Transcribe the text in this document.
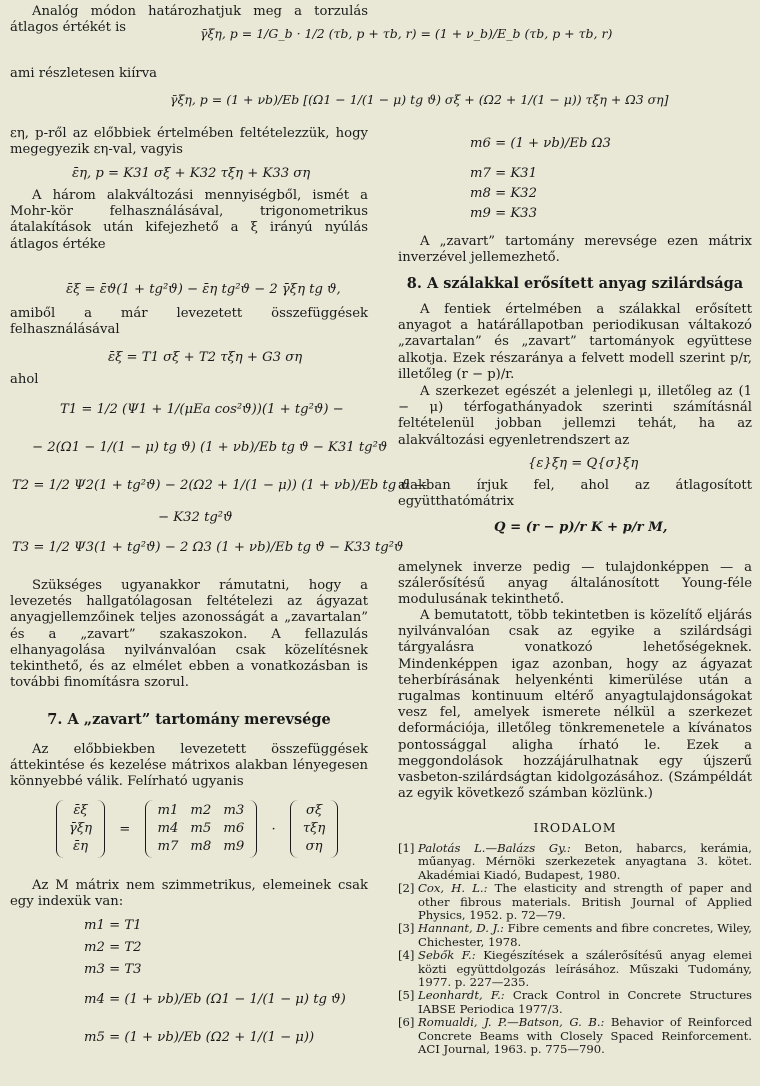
Analóg módon határozhatjuk meg a torzulás átlagos értékét is	γ̄ξη, p = 1/G_b · 1/2 (τb, p + τb, r) = (1 + ν_b)/E_b (τb, p + τb, r)

ami részletesen kiírva

γ̄ξη, p = (1 + νb)/Eb [(Ω1 − 1/(1 − μ) tg ϑ) σξ + (Ω2 + 1/(1 − μ)) τξη + Ω3 ση]

εη, p-ről az előbbiek értelmében feltételezzük, hogy megegyezik εη-val, vagyis

ε̄η, p = K31 σξ + K32 τξη + K33 ση

A három alakváltozási mennyiségből, ismét a Mohr-kör felhasználásával, trigonometrikus átalakítások után kifejezhető a ξ irányú nyúlás átlagos értéke

ε̄ξ = ε̄ϑ(1 + tg²ϑ) − ε̄η tg²ϑ − 2 γ̄ξη tg ϑ,

amiből a már levezetett összefüggések felhasználásával

ε̄ξ = T1 σξ + T2 τξη + G3 ση

ahol

T1 = 1/2 (Ψ1 + 1/(μEa cos²ϑ))(1 + tg²ϑ) −
− 2(Ω1 − 1/(1 − μ) tg ϑ) (1 + νb)/Eb tg ϑ − K31 tg²ϑ
T2 = 1/2 Ψ2(1 + tg²ϑ) − 2(Ω2 + 1/(1 − μ)) (1 + νb)/Eb tg ϑ —
− K32 tg²ϑ
T3 = 1/2 Ψ3(1 + tg²ϑ) − 2 Ω3 (1 + νb)/Eb tg ϑ − K33 tg²ϑ

Szükséges ugyanakkor rámutatni, hogy a levezetés hallgatólagosan feltételezi az ágyazat anyagjellemzőinek teljes azonosságát a „zavartalan” és a „zavart” szakaszokon. A fellazulás elhanyagolása nyilvánvalóan csak közelítésnek tekinthető, és az elmélet ebben a vonatkozásban is további finomításra szorul.

7. A „zavart” tartomány merevsége

Az előbbiekben levezetett összefüggések áttekintése és kezelése mátrixos alakban lényegesen könnyebbé válik. Felírható ugyanis

ε̄ξ
γ̄ξη
ε̄η
=
m1	m2	m3
m4	m5	m6
m7	m8	m9
·
σξ
τξη
ση

Az M mátrix nem szimmetrikus, elemeinek csak egy indexük van:

m1 = T1
m2 = T2
m3 = T3
m4 = (1 + νb)/Eb (Ω1 − 1/(1 − μ) tg ϑ)
m5 = (1 + νb)/Eb (Ω2 + 1/(1 − μ))
m6 = (1 + νb)/Eb Ω3
m7 = K31
m8 = K32
m9 = K33

A „zavart” tartomány merevsége ezen mátrix inverzével jellemezhető.

8. A szálakkal erősített anyag szilárdsága

A fentiek értelmében a szálakkal erősített anyagot a határállapotban periodikusan váltakozó „zavartalan” és „zavart” tartományok együttese alkotja. Ezek részaránya a felvett modell szerint p/r, illetőleg (r − p)/r.

A szerkezet egészét a jelenlegi μ, illetőleg az (1 − μ) térfogathányadok szerinti számításnál feltételenül jobban jellemzi tehát, ha az alakváltozási egyenletrendszert az

{ε}ξη = Q{σ}ξη

alakban írjuk fel, ahol az átlagosított együtthatómátrix

Q = (r − p)/r K + p/r M,

amelynek inverze pedig — tulajdonképpen — a szálerősítésű anyag általánosított Young-féle modulusának tekinthető.

A bemutatott, több tekintetben is közelítő eljárás nyilvánvalóan csak az egyike a szilárdsági tárgyalásra vonatkozó lehetőségeknek. Mindenképpen igaz azonban, hogy az ágyazat teherbírásának helyenkénti kimerülése után a rugalmas kontinuum eltérő anyagtulajdonságokat vesz fel, amelyek ismerete nélkül a szerkezet deformációja, illetőleg tönkremenetele a kívánatos pontossággal aligha írható le. Ezek a meggondolások hozzájárulhatnak egy újszerű vasbeton-szilárdságtan kidolgozásához. (Számpéldát az egyik következő számban közlünk.)

IRODALOM
[1] Palotás L.—Balázs Gy.: Beton, habarcs, kerámia, műanyag. Mérnöki szerkezetek anyagtana 3. kötet. Akadémiai Kiadó, Budapest, 1980.
[2] Cox, H. L.: The elasticity and strength of paper and other fibrous materials. British Journal of Applied Physics, 1952. p. 72—79.
[3] Hannant, D. J.: Fibre cements and fibre concretes, Wiley, Chichester, 1978.
[4] Sebők F.: Kiegészítések a szálerősítésű anyag elemei közti együttdolgozás leírásához. Műszaki Tudomány, 1977. p. 227—235.
[5] Leonhardt, F.: Crack Control in Concrete Structures IABSE Periodica 1977/3.
[6] Romualdi, J. P.—Batson, G. B.: Behavior of Reinforced Concrete Beams with Closely Spaced Reinforcement. ACI Journal, 1963. p. 775—790.
